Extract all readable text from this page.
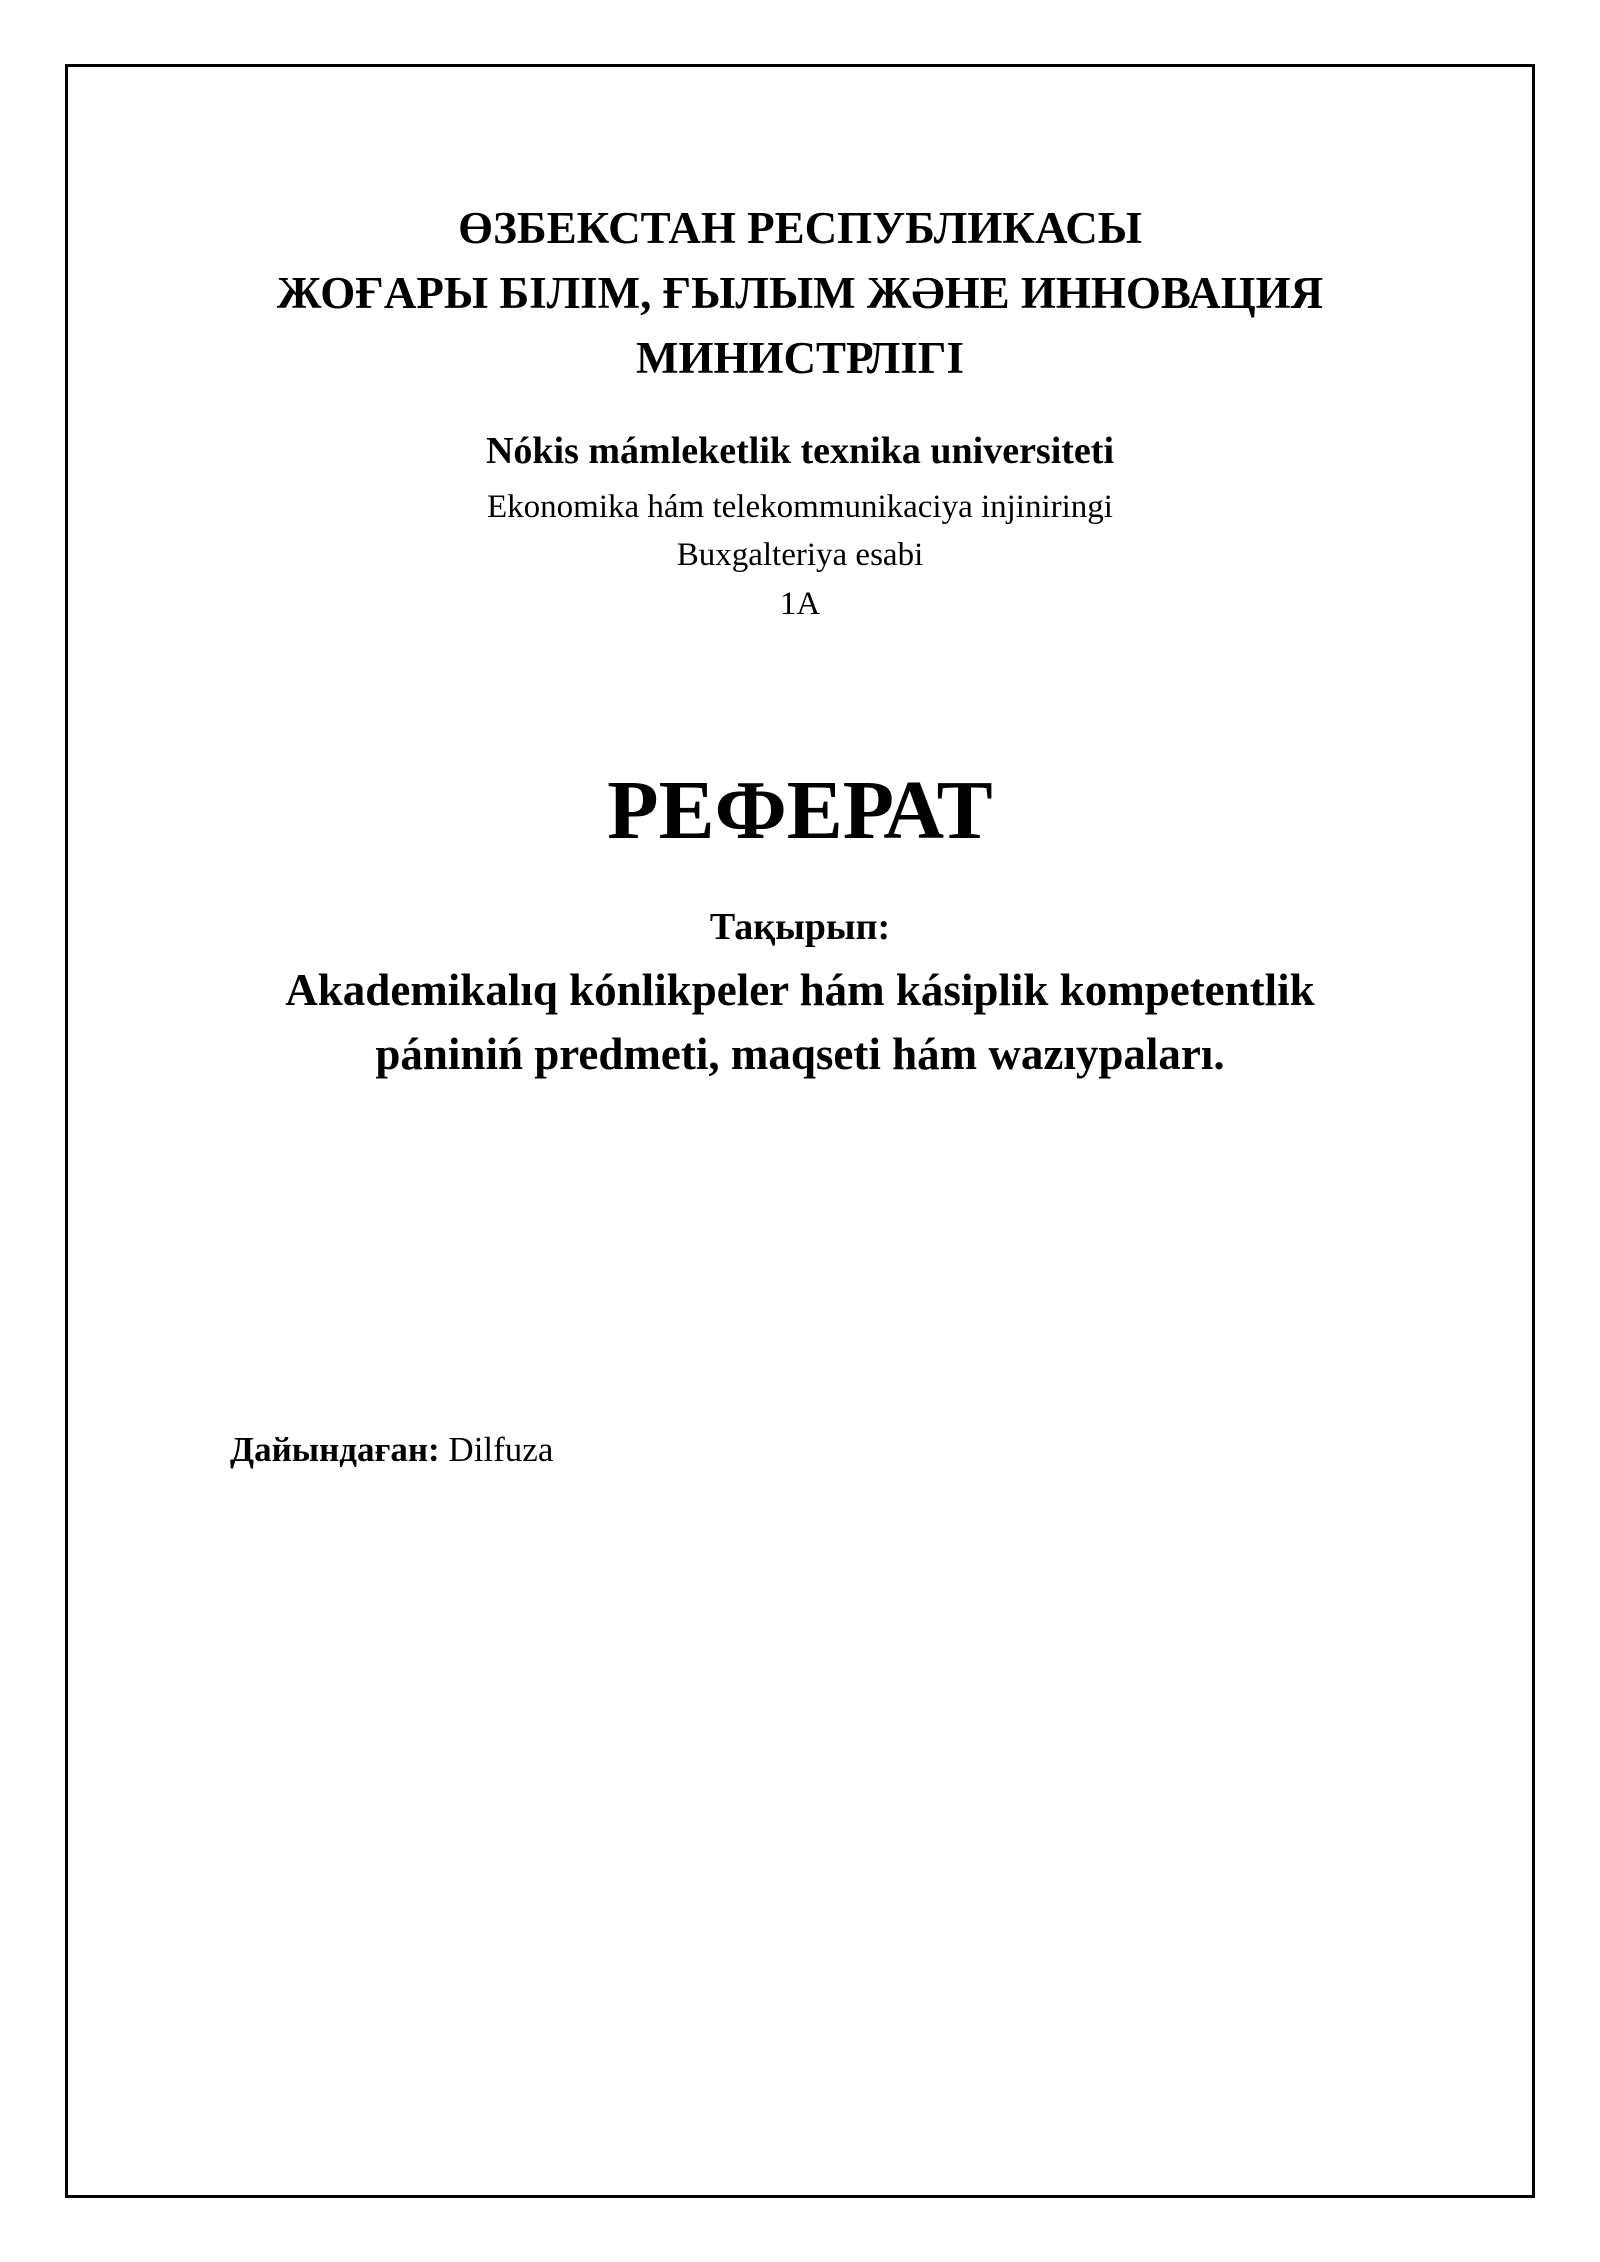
ӨЗБЕКСТАН РЕСПУБЛИКАСЫ
ЖОҒАРЫ БІЛІМ, ҒЫЛЫМ ЖӘНЕ ИННОВАЦИЯ
МИНИСТРЛІГІ
Nókis mámleketlik texnika universiteti
Ekonomika hám telekommunikaciya injiniringi
Buxgalteriya esabi
1A
РЕФЕРАТ
Тақырып:
Akademikalıq kónlikpeler hám kásiplik kompetentlik
pániniń predmeti, maqseti hám wazıypaları.
Дайындаған: Dilfuza
